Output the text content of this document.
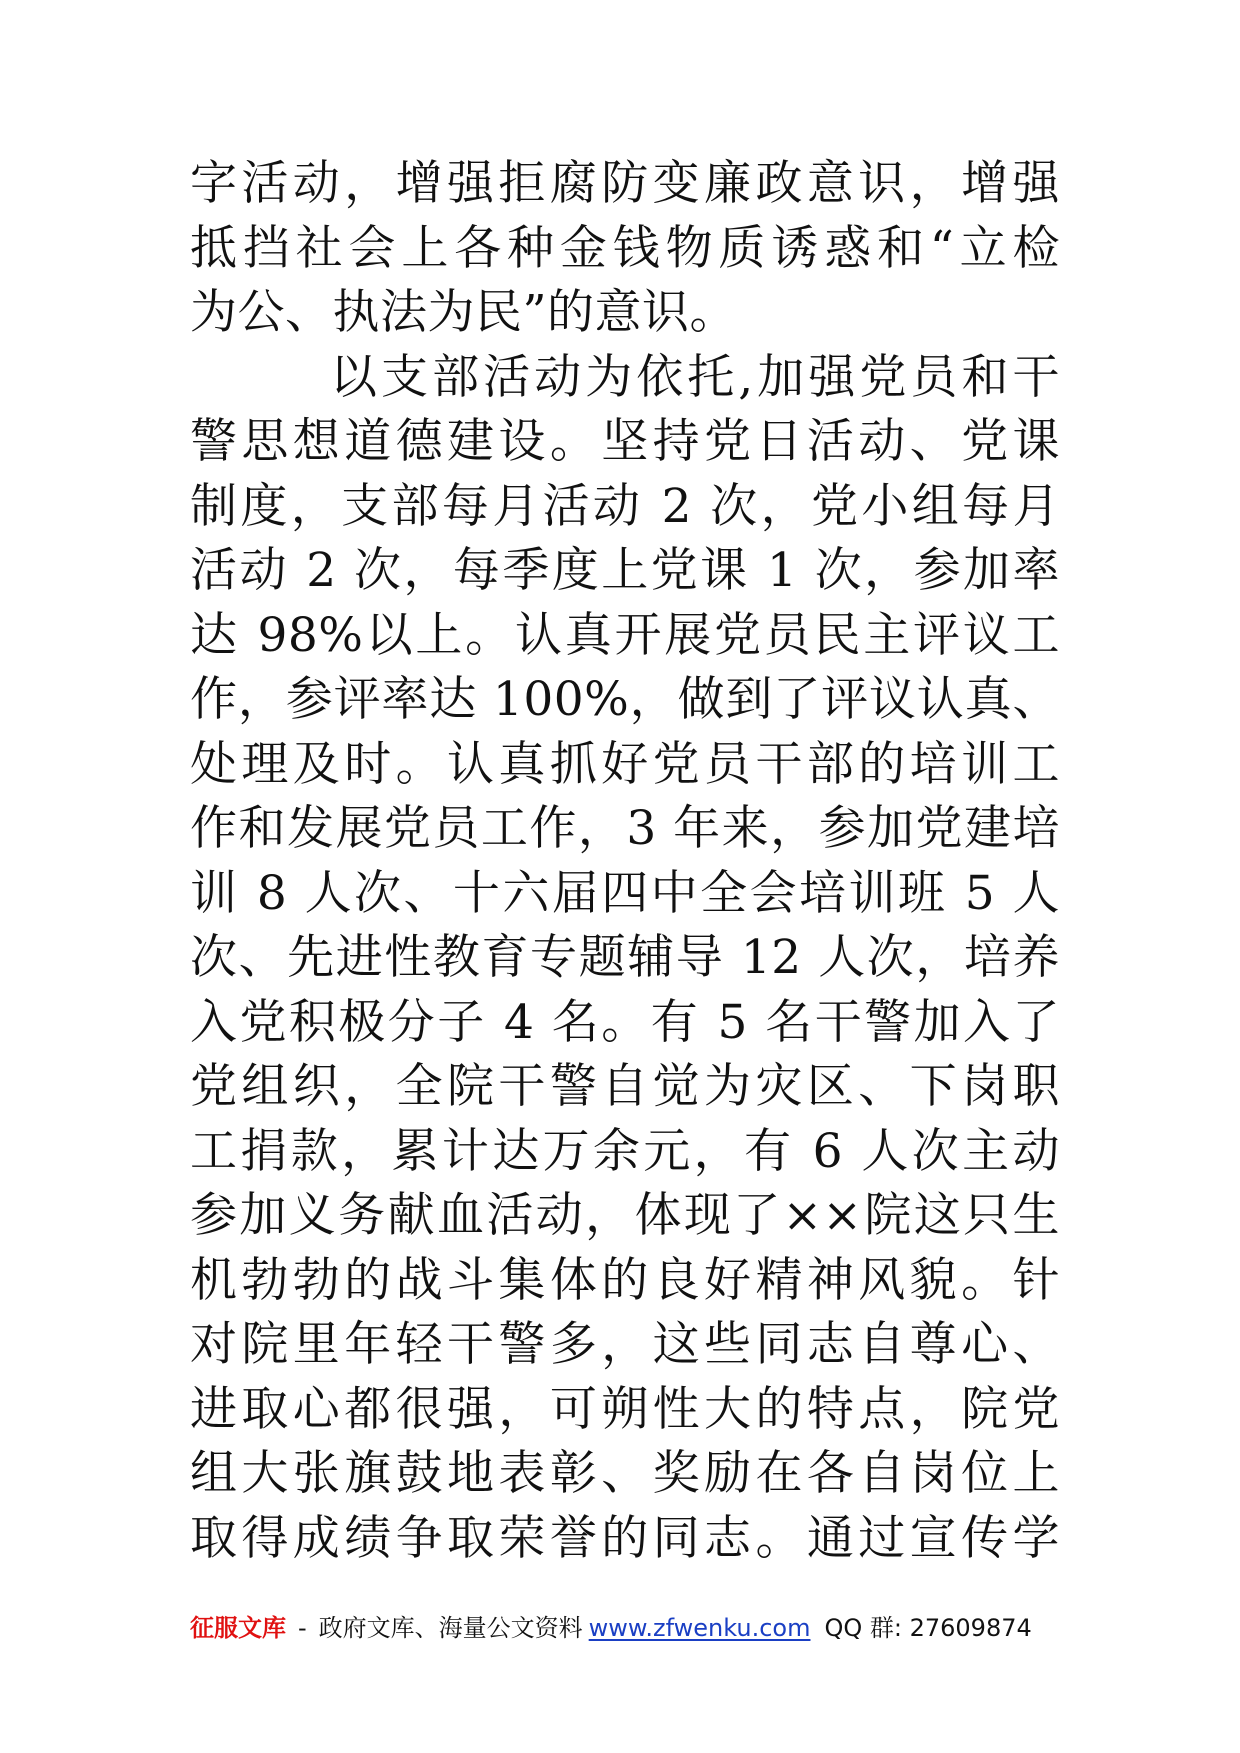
字活动，增强拒腐防变廉政意识，增强
抵挡社会上各种金钱物质诱惑和“立检
为公、执法为民”的意识。
以支部活动为依托,加强党员和干
警思想道德建设。坚持党日活动、党课
制度，支部每月活动 2 次，党小组每月
活动 2 次，每季度上党课 1 次，参加率
达 98%以上。认真开展党员民主评议工
作，参评率达 100%，做到了评议认真、
处理及时。认真抓好党员干部的培训工
作和发展党员工作，3 年来，参加党建培
训 8 人次、十六届四中全会培训班 5 人
次、先进性教育专题辅导 12 人次，培养
入党积极分子 4 名。有 5 名干警加入了
党组织，全院干警自觉为灾区、下岗职
工捐款，累计达万余元，有 6 人次主动
参加义务献血活动，体现了××院这只生
机勃勃的战斗集体的良好精神风貌。针
对院里年轻干警多，这些同志自尊心、
进取心都很强，可朔性大的特点，院党
组大张旗鼓地表彰、奖励在各自岗位上
取得成绩争取荣誉的同志。通过宣传学
征服文库 - 政府文库、海量公文资料 www.zfwenku.com QQ 群: 27609874
